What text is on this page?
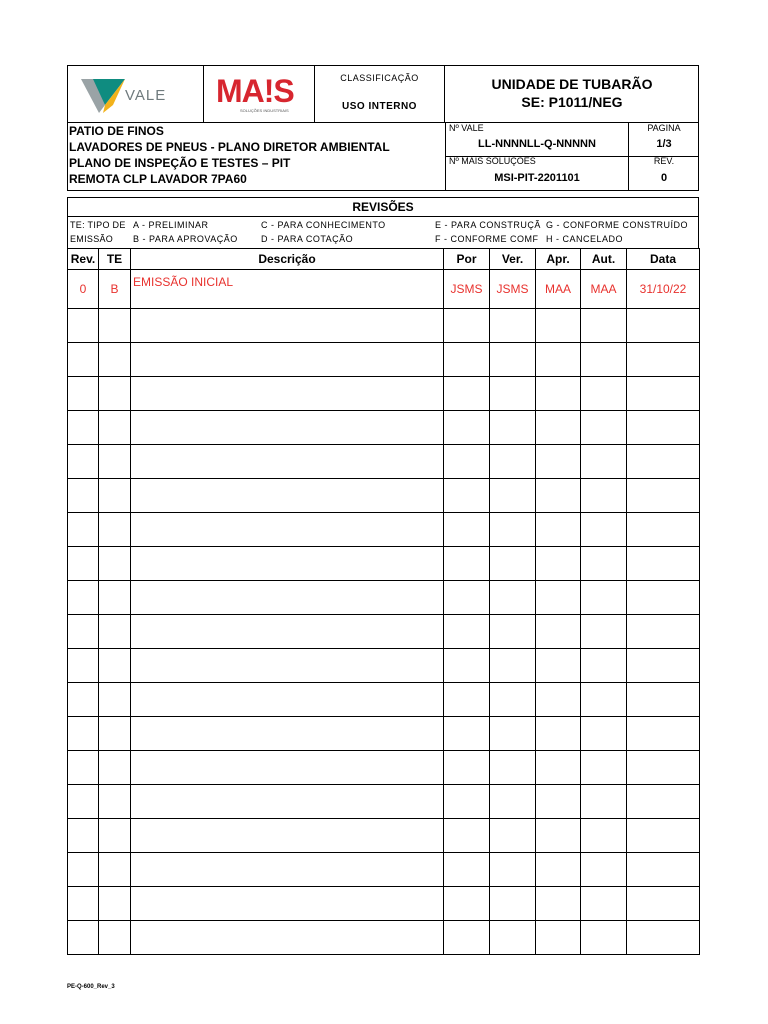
VALE MA!S
SOLUÇÕES INDUSTRIAIS
CLASSIFICAÇÃO
USO INTERNO
UNIDADE DE TUBARÃO
SE: P1011/NEG
PATIO DE FINOS
LAVADORES DE PNEUS - PLANO DIRETOR AMBIENTAL
PLANO DE INSPEÇÃO E TESTES – PIT
REMOTA CLP LAVADOR 7PA60
Nº VALE
LL-NNNNLL-Q-NNNNN
PAGINA
1/3
Nº MAIS SOLUÇÕES
MSI-PIT-2201101
REV.
0
REVISÕES
TE: TIPO DE
EMISSÃO
A - PRELIMINAR
B - PARA APROVAÇÃO
C - PARA CONHECIMENTO
D - PARA COTAÇÃO
E - PARA CONSTRUÇÃ
F - CONFORME COMF
G - CONFORME CONSTRUÍDO
H - CANCELADO
Rev.	TE	Descrição	Por	Ver.	Apr.	Aut.	Data
0	B	EMISSÃO INICIAL	JSMS	JSMS	MAA	MAA	31/10/22

PE-Q-600_Rev_3
